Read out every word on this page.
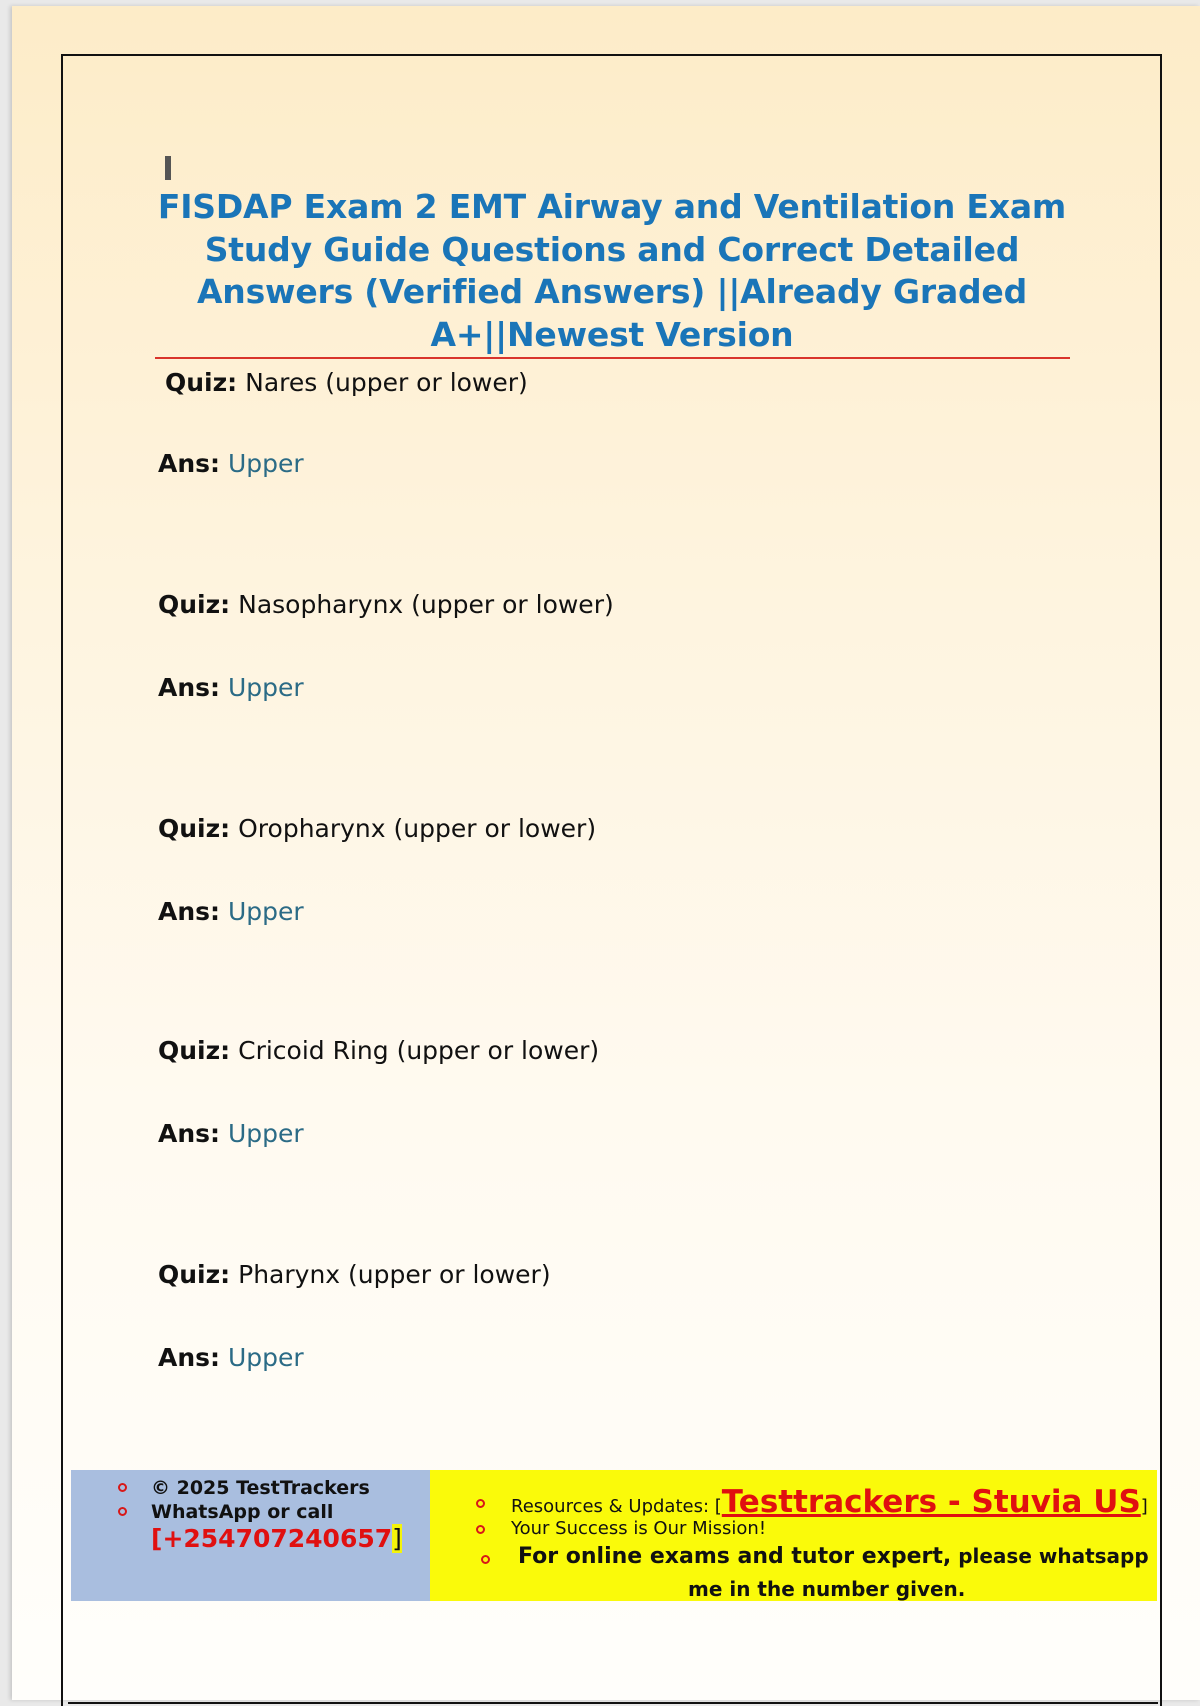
FISDAP Exam 2 EMT Airway and Ventilation Exam Study Guide Questions and Correct Detailed Answers (Verified Answers) ||Already Graded A+||Newest Version
Quiz: Nares (upper or lower)
Ans: Upper
Quiz: Nasopharynx (upper or lower)
Ans: Upper
Quiz: Oropharynx (upper or lower)
Ans: Upper
Quiz: Cricoid Ring (upper or lower)
Ans: Upper
Quiz: Pharynx (upper or lower)
Ans: Upper
© 2025 TestTrackers
WhatsApp or call
[+254707240657]
Resources & Updates: [Testtrackers - Stuvia US]
Your Success is Our Mission!
For online exams and tutor expert, please whatsapp
me in the number given.
